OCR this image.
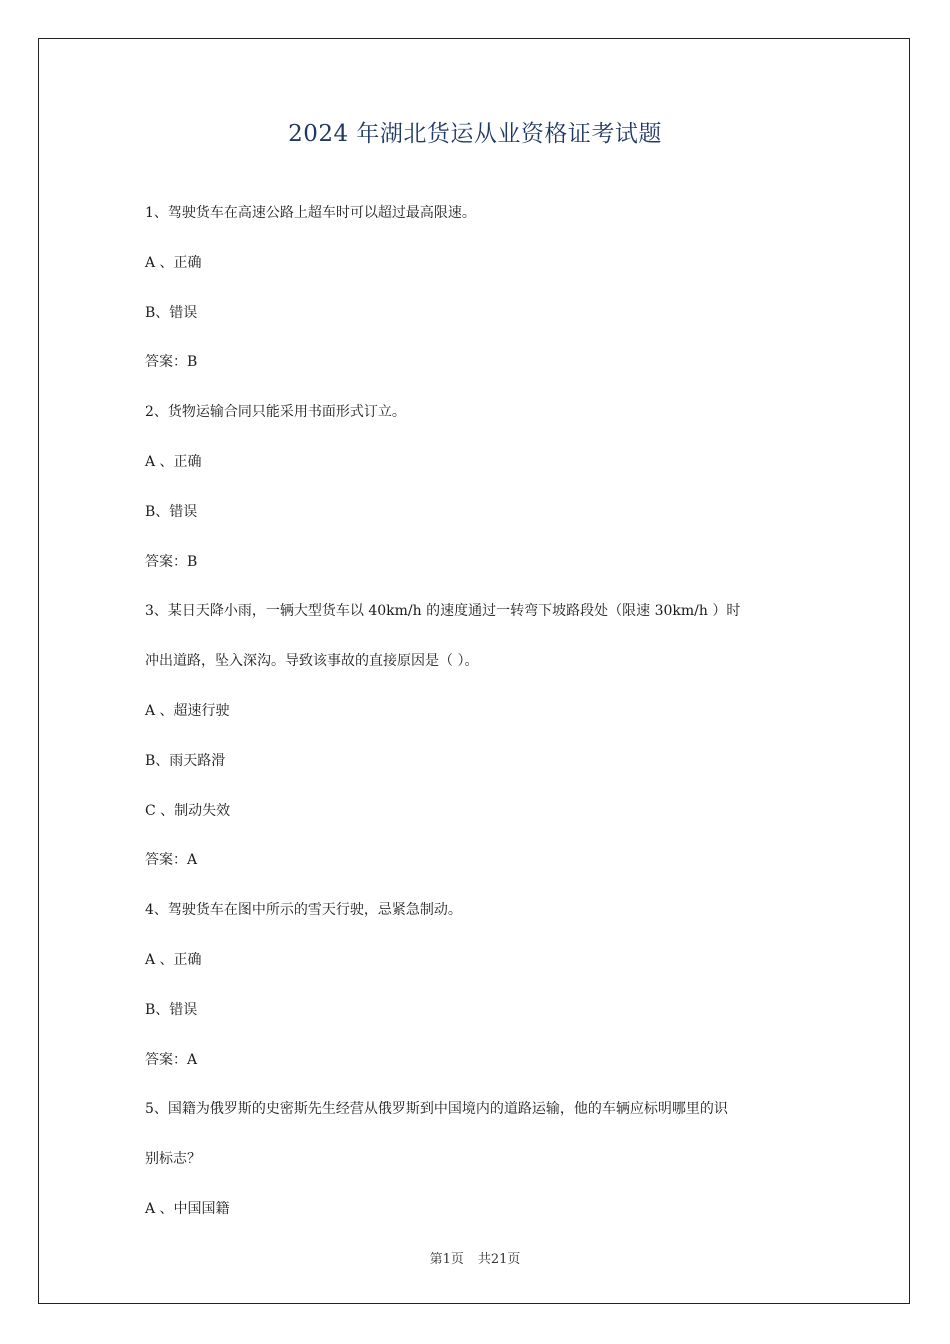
2024 年湖北货运从业资格证考试题
1、驾驶货车在高速公路上超车时可以超过最高限速。
A 、正确
B、错误
答案：B
2、货物运输合同只能采用书面形式订立。
A 、正确
B、错误
答案：B
3、某日天降小雨，一辆大型货车以 40km/h 的速度通过一转弯下坡路段处（限速 30km/h ）时
冲出道路，坠入深沟。导致该事故的直接原因是（ ）。
A 、超速行驶
B、雨天路滑
C 、制动失效
答案：A
4、驾驶货车在图中所示的雪天行驶，忌紧急制动。
A 、正确
B、错误
答案：A
5、国籍为俄罗斯的史密斯先生经营从俄罗斯到中国境内的道路运输，他的车辆应标明哪里的识
别标志？
A 、中国国籍
第1页 共21页
